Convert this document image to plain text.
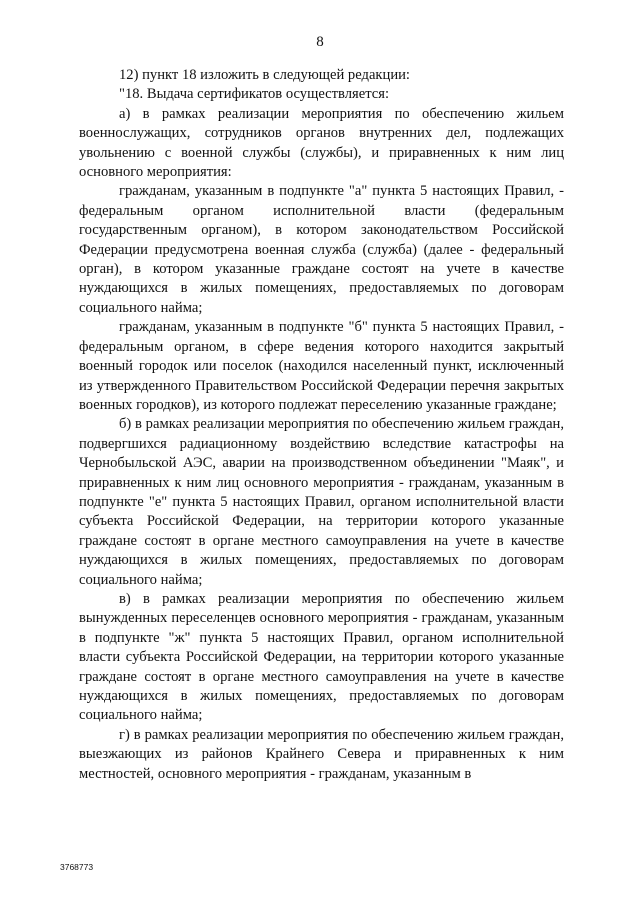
8

12) пункт 18 изложить в следующей редакции:

"18. Выдача сертификатов осуществляется:

а) в рамках реализации мероприятия по обеспечению жильем военнослужащих, сотрудников органов внутренних дел, подлежащих увольнению с военной службы (службы), и приравненных к ним лиц основного мероприятия:

гражданам, указанным в подпункте "а" пункта 5 настоящих Правил, - федеральным органом исполнительной власти (федеральным государственным органом), в котором законодательством Российской Федерации предусмотрена военная служба (служба) (далее - федеральный орган), в котором указанные граждане состоят на учете в качестве нуждающихся в жилых помещениях, предоставляемых по договорам социального найма;

гражданам, указанным в подпункте "б" пункта 5 настоящих Правил, - федеральным органом, в сфере ведения которого находится закрытый военный городок или поселок (находился населенный пункт, исключенный из утвержденного Правительством Российской Федерации перечня закрытых военных городков), из которого подлежат переселению указанные граждане;

б) в рамках реализации мероприятия по обеспечению жильем граждан, подвергшихся радиационному воздействию вследствие катастрофы на Чернобыльской АЭС, аварии на производственном объединении "Маяк", и приравненных к ним лиц основного мероприятия - гражданам, указанным в подпункте "е" пункта 5 настоящих Правил, органом исполнительной власти субъекта Российской Федерации, на территории которого указанные граждане состоят в органе местного самоуправления на учете в качестве нуждающихся в жилых помещениях, предоставляемых по договорам социального найма;

в) в рамках реализации мероприятия по обеспечению жильем вынужденных переселенцев основного мероприятия - гражданам, указанным в подпункте "ж" пункта 5 настоящих Правил, органом исполнительной власти субъекта Российской Федерации, на территории которого указанные граждане состоят в органе местного самоуправления на учете в качестве нуждающихся в жилых помещениях, предоставляемых по договорам социального найма;

г) в рамках реализации мероприятия по обеспечению жильем граждан, выезжающих из районов Крайнего Севера и приравненных к ним местностей, основного мероприятия - гражданам, указанным в

3768773
